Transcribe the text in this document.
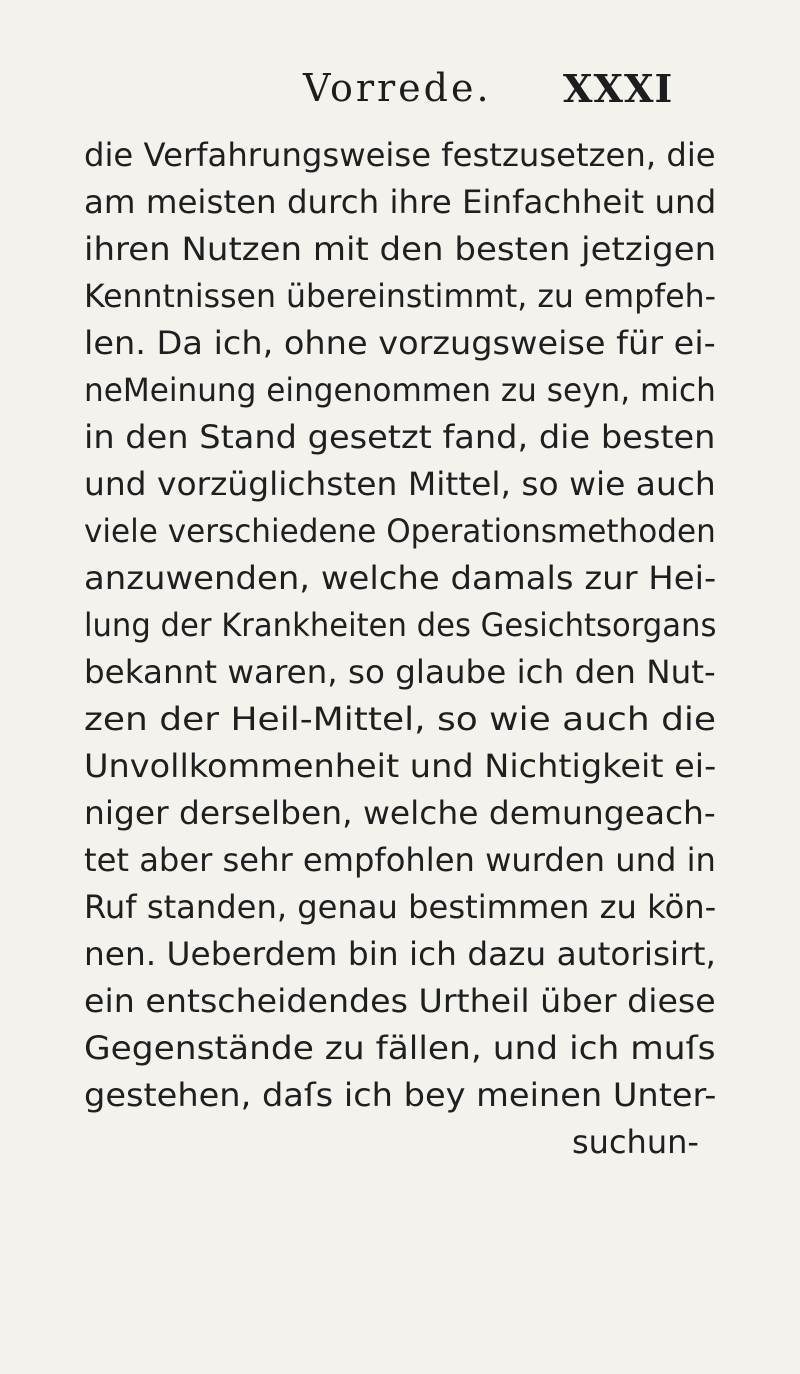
Vorrede. XXXI
die Verfahrungsweise festzusetzen, die
am meisten durch ihre Einfachheit und
ihren Nutzen mit den besten jetzigen
Kenntnissen übereinstimmt, zu empfeh-
len. Da ich, ohne vorzugsweise für ei-
neMeinung eingenommen zu seyn, mich
in den Stand gesetzt fand, die besten
und vorzüglichsten Mittel, so wie auch
viele verschiedene Operationsmethoden
anzuwenden, welche damals zur Hei-
lung der Krankheiten des Gesichtsorgans
bekannt waren, so glaube ich den Nut-
zen der Heil-Mittel, so wie auch die
Unvollkommenheit und Nichtigkeit ei-
niger derselben, welche demungeach-
tet aber sehr empfohlen wurden und in
Ruf standen, genau bestimmen zu kön-
nen. Ueberdem bin ich dazu autorisirt,
ein entscheidendes Urtheil über diese
Gegenstände zu fällen, und ich muſs
gestehen, daſs ich bey meinen Unter-
suchun-
